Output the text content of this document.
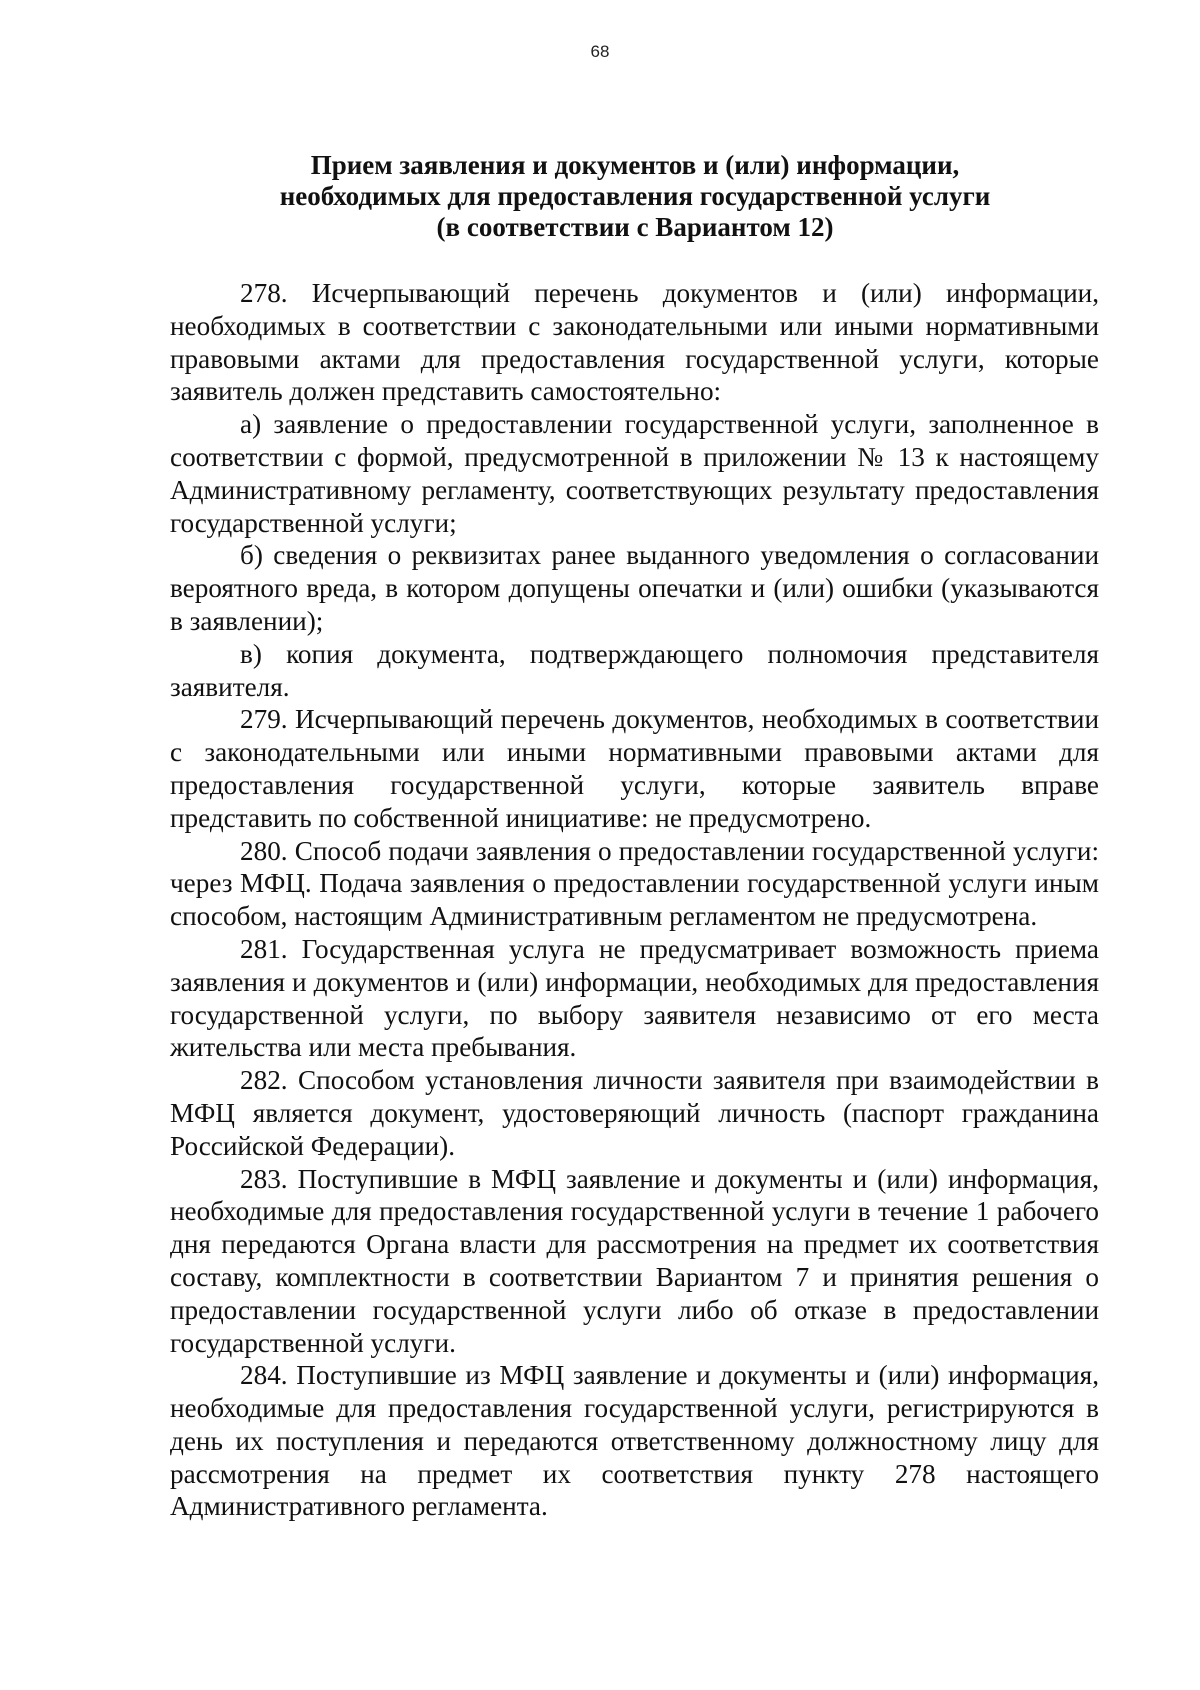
68
Прием заявления и документов и (или) информации,
необходимых для предоставления государственной услуги
(в соответствии с Вариантом 12)

278. Исчерпывающий перечень документов и (или) информации, необходимых в соответствии с законодательными или иными нормативными правовыми актами для предоставления государственной услуги, которые заявитель должен представить самостоятельно:

а) заявление о предоставлении государственной услуги, заполненное в соответствии с формой, предусмотренной в приложении № 13 к настоящему Административному регламенту, соответствующих результату предоставления государственной услуги;

б) сведения о реквизитах ранее выданного уведомления о согласовании вероятного вреда, в котором допущены опечатки и (или) ошибки (указываются в заявлении);

в) копия документа, подтверждающего полномочия представителя заявителя.

279. Исчерпывающий перечень документов, необходимых в соответствии с законодательными или иными нормативными правовыми актами для предоставления государственной услуги, которые заявитель вправе представить по собственной инициативе: не предусмотрено.

280. Способ подачи заявления о предоставлении государственной услуги: через МФЦ. Подача заявления о предоставлении государственной услуги иным способом, настоящим Административным регламентом не предусмотрена.

281. Государственная услуга не предусматривает возможность приема заявления и документов и (или) информации, необходимых для предоставления государственной услуги, по выбору заявителя независимо от его места жительства или места пребывания.

282. Способом установления личности заявителя при взаимодействии в МФЦ является документ, удостоверяющий личность (паспорт гражданина Российской Федерации).

283. Поступившие в МФЦ заявление и документы и (или) информация, необходимые для предоставления государственной услуги в течение 1 рабочего дня передаются Органа власти для рассмотрения на предмет их соответствия составу, комплектности в соответствии Вариантом 7 и принятия решения о предоставлении государственной услуги либо об отказе в предоставлении государственной услуги.

284. Поступившие из МФЦ заявление и документы и (или) информация, необходимые для предоставления государственной услуги, регистрируются в день их поступления и передаются ответственному должностному лицу для рассмотрения на предмет их соответствия пункту 278 настоящего Административного регламента.
